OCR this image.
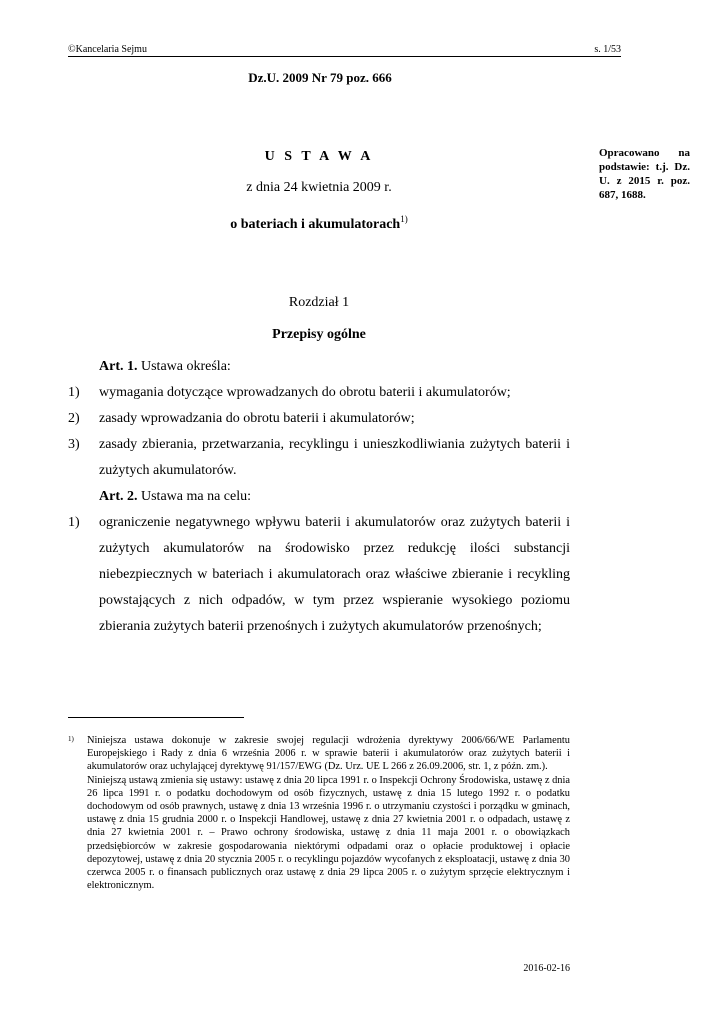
©Kancelaria Sejmu	s. 1/53
Dz.U. 2009 Nr 79 poz. 666
Opracowano na podstawie: t.j. Dz. U. z 2015 r. poz. 687, 1688.
U S T A W A
z dnia 24 kwietnia 2009 r.
o bateriach i akumulatorach$^{1)}$
Rozdział 1
Przepisy ogólne
Art. 1. Ustawa określa:
1)	wymagania dotyczące wprowadzanych do obrotu baterii i akumulatorów;
2)	zasady wprowadzania do obrotu baterii i akumulatorów;
3)	zasady zbierania, przetwarzania, recyklingu i unieszkodliwiania zużytych baterii i zużytych akumulatorów.
Art. 2. Ustawa ma na celu:
1)	ograniczenie negatywnego wpływu baterii i akumulatorów oraz zużytych baterii i zużytych akumulatorów na środowisko przez redukcję ilości substancji niebezpiecznych w bateriach i akumulatorach oraz właściwe zbieranie i recykling powstających z nich odpadów, w tym przez wspieranie wysokiego poziomu zbierania zużytych baterii przenośnych i zużytych akumulatorów przenośnych;
1)	Niniejsza ustawa dokonuje w zakresie swojej regulacji wdrożenia dyrektywy 2006/66/WE Parlamentu Europejskiego i Rady z dnia 6 września 2006 r. w sprawie baterii i akumulatorów oraz zużytych baterii i akumulatorów oraz uchylającej dyrektywę 91/157/EWG (Dz. Urz. UE L 266 z 26.09.2006, str. 1, z późn. zm.).

Niniejszą ustawą zmienia się ustawy: ustawę z dnia 20 lipca 1991 r. o Inspekcji Ochrony Środowiska, ustawę z dnia 26 lipca 1991 r. o podatku dochodowym od osób fizycznych, ustawę z dnia 15 lutego 1992 r. o podatku dochodowym od osób prawnych, ustawę z dnia 13 września 1996 r. o utrzymaniu czystości i porządku w gminach, ustawę z dnia 15 grudnia 2000 r. o Inspekcji Handlowej, ustawę z dnia 27 kwietnia 2001 r. o odpadach, ustawę z dnia 27 kwietnia 2001 r. – Prawo ochrony środowiska, ustawę z dnia 11 maja 2001 r. o obowiązkach przedsiębiorców w zakresie gospodarowania niektórymi odpadami oraz o opłacie produktowej i opłacie depozytowej, ustawę z dnia 20 stycznia 2005 r. o recyklingu pojazdów wycofanych z eksploatacji, ustawę z dnia 30 czerwca 2005 r. o finansach publicznych oraz ustawę z dnia 29 lipca 2005 r. o zużytym sprzęcie elektrycznym i elektronicznym.

2016-02-16
